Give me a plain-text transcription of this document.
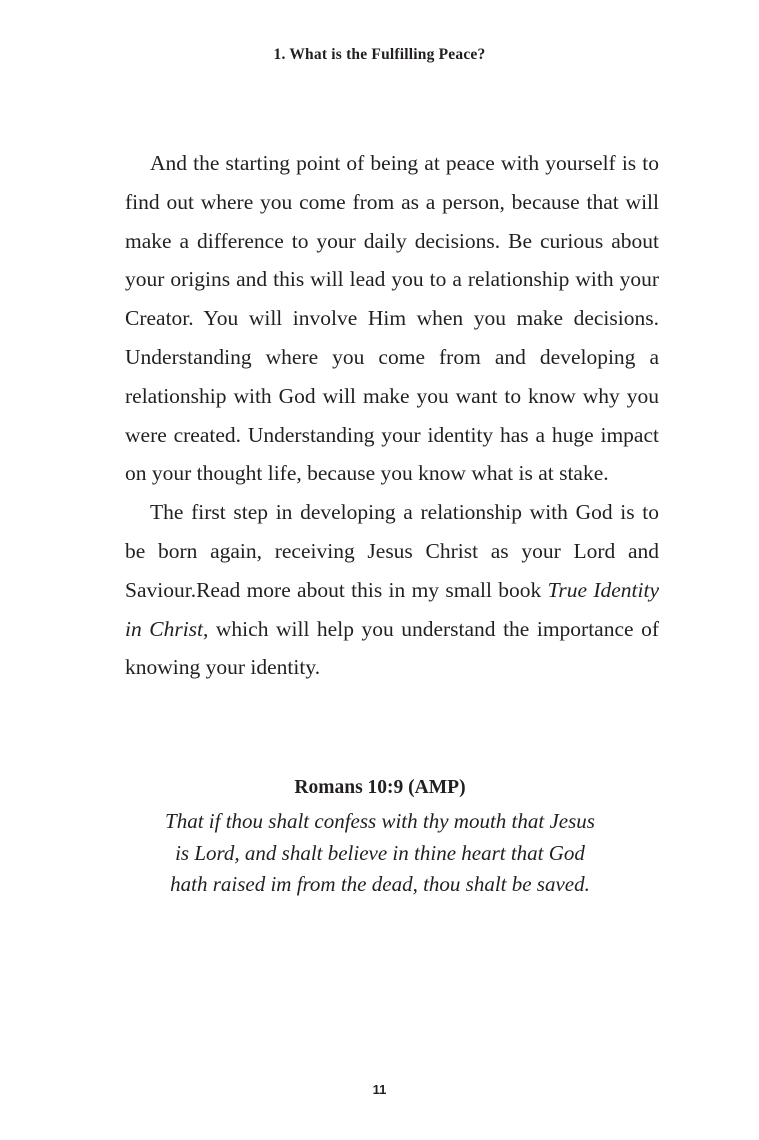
1. What is the Fulfilling Peace?

And the starting point of being at peace with yourself is to find out where you come from as a person, because that will make a difference to your daily decisions. Be curious about your origins and this will lead you to a relationship with your Creator. You will involve Him when you make decisions. Understanding where you come from and developing a relationship with God will make you want to know why you were created. Understanding your identity has a huge impact on your thought life, because you know what is at stake.

The first step in developing a relationship with God is to be born again, receiving Jesus Christ as your Lord and Saviour.Read more about this in my small book True Identity in Christ, which will help you understand the importance of knowing your identity.

Romans 10:9 (AMP)
That if thou shalt confess with thy mouth that Jesus is Lord, and shalt believe in thine heart that God hath raised im from the dead, thou shalt be saved.
11
